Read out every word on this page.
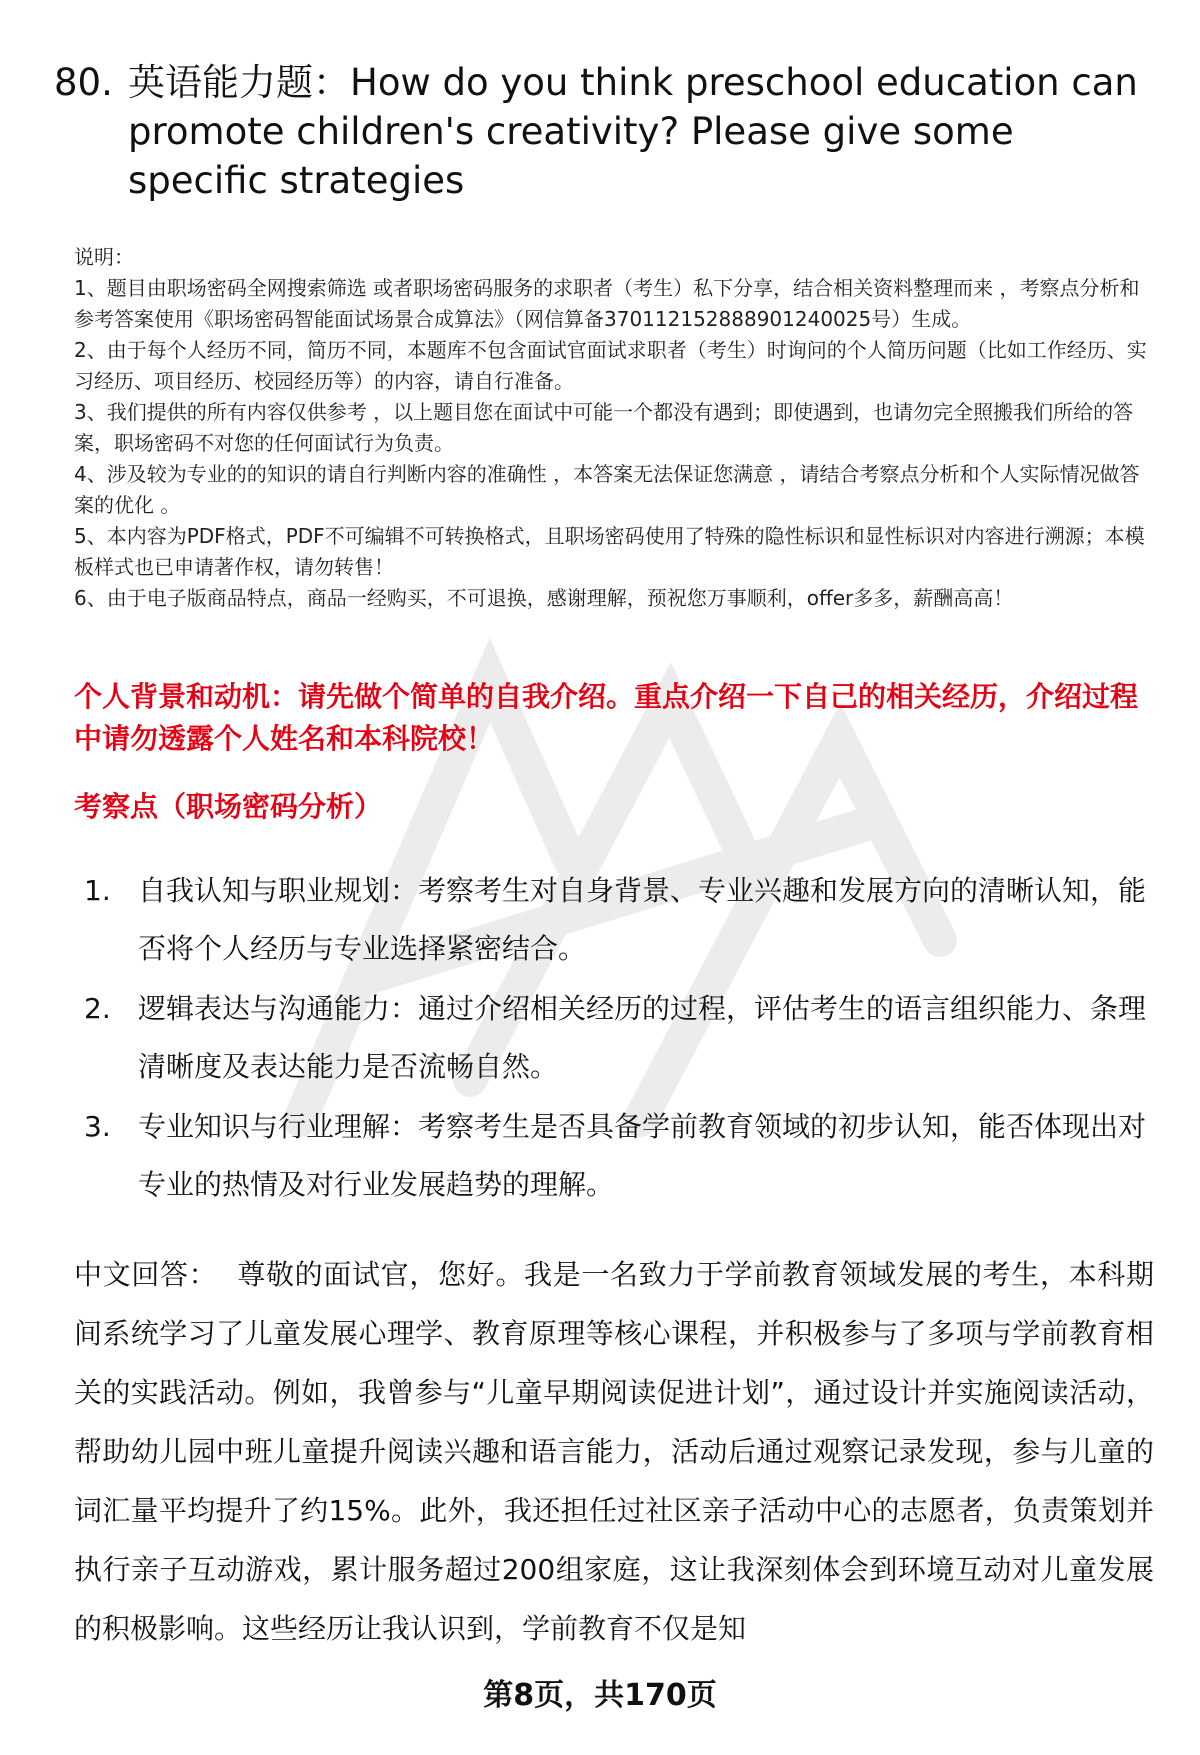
80. 英语能力题：How do you think preschool education can promote children's creativity? Please give some specific strategies

说明：

1、题目由职场密码全网搜索筛选 或者职场密码服务的求职者（考生）私下分享，结合相关资料整理而来 ，考察点分析和参考答案使用《职场密码智能面试场景合成算法》（网信算备370112152888901240025号）生成。

2、由于每个人经历不同，简历不同，本题库不包含面试官面试求职者（考生）时询问的个人简历问题（比如工作经历、实习经历、项目经历、校园经历等）的内容，请自行准备。

3、我们提供的所有内容仅供参考 ，以上题目您在面试中可能一个都没有遇到；即使遇到，也请勿完全照搬我们所给的答案，职场密码不对您的任何面试行为负责。

4、涉及较为专业的的知识的请自行判断内容的准确性 ，本答案无法保证您满意 ，请结合考察点分析和个人实际情况做答案的优化 。

5、本内容为PDF格式，PDF不可编辑不可转换格式，且职场密码使用了特殊的隐性标识和显性标识对内容进行溯源；本模板样式也已申请著作权，请勿转售！

6、由于电子版商品特点，商品一经购买，不可退换，感谢理解，预祝您万事顺利，offer多多，薪酬高高！

个人背景和动机：请先做个简单的自我介绍。重点介绍一下自己的相关经历，介绍过程中请勿透露个人姓名和本科院校！
考察点（职场密码分析）
1. 自我认知与职业规划：考察考生对自身背景、专业兴趣和发展方向的清晰认知，能否将个人经历与专业选择紧密结合。
2. 逻辑表达与沟通能力：通过介绍相关经历的过程，评估考生的语言组织能力、条理清晰度及表达能力是否流畅自然。
3. 专业知识与行业理解：考察考生是否具备学前教育领域的初步认知，能否体现出对专业的热情及对行业发展趋势的理解。
中文回答： 尊敬的面试官，您好。我是一名致力于学前教育领域发展的考生，本科期间系统学习了儿童发展心理学、教育原理等核心课程，并积极参与了多项与学前教育相关的实践活动。例如，我曾参与“儿童早期阅读促进计划”，通过设计并实施阅读活动，帮助幼儿园中班儿童提升阅读兴趣和语言能力，活动后通过观察记录发现，参与儿童的词汇量平均提升了约15%。此外，我还担任过社区亲子活动中心的志愿者，负责策划并执行亲子互动游戏，累计服务超过200组家庭，这让我深刻体会到环境互动对儿童发展的积极影响。这些经历让我认识到，学前教育不仅是知
第8页，共170页
